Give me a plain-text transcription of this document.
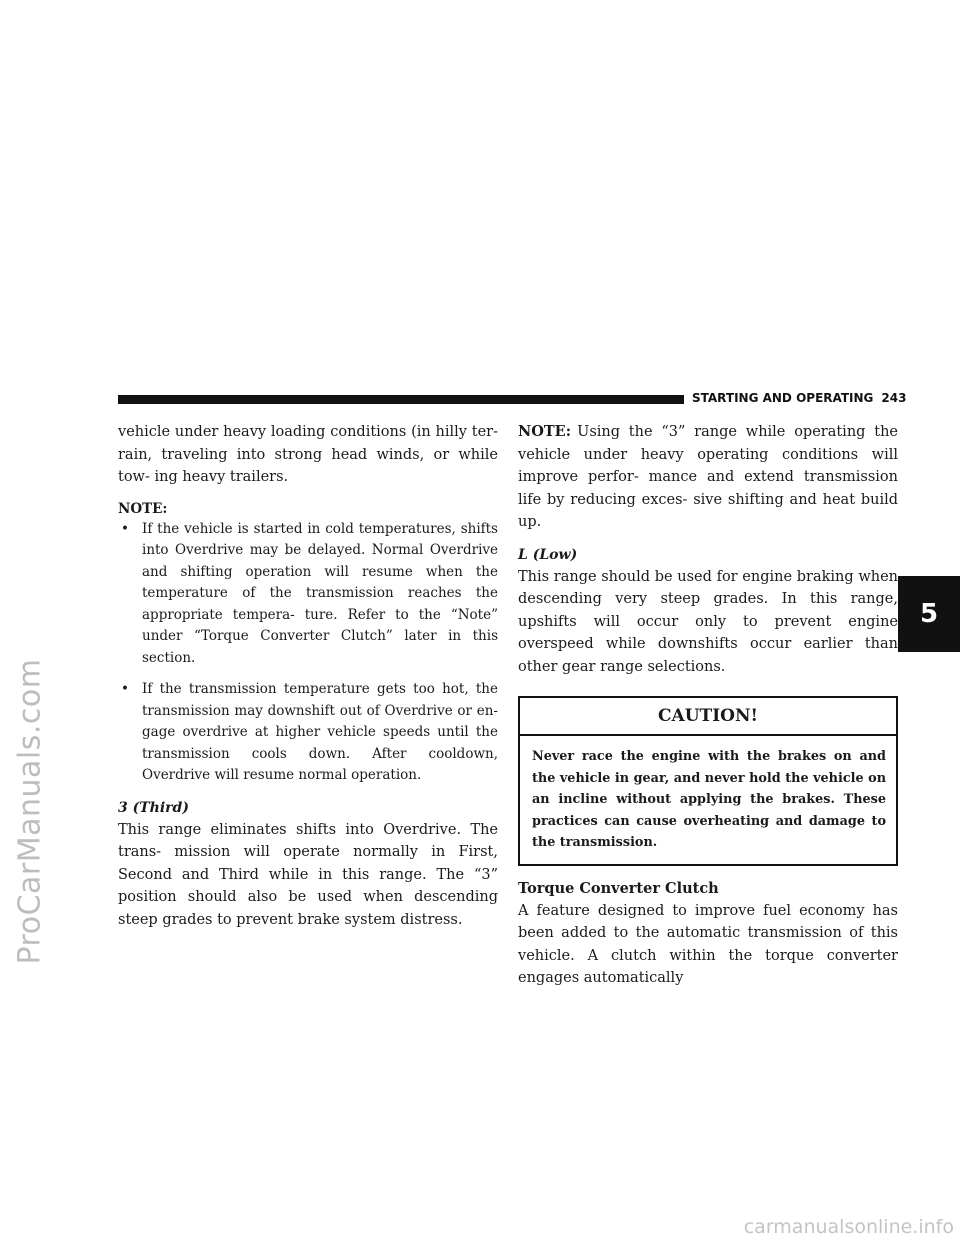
ProCarManuals.com
STARTING AND OPERATING 243
5

vehicle under heavy loading conditions (in hilly ter- rain, traveling into strong head winds, or while tow- ing heavy trailers.

NOTE:
• If the vehicle is started in cold temperatures, shifts into Overdrive may be delayed. Normal Overdrive and shifting operation will resume when the temperature of the transmission reaches the appropriate tempera- ture. Refer to the “Note” under “Torque Converter Clutch” later in this section.
• If the transmission temperature gets too hot, the transmission may downshift out of Overdrive or en- gage overdrive at higher vehicle speeds until the transmission cools down. After cooldown, Overdrive will resume normal operation.
3 (Third)

This range eliminates shifts into Overdrive. The trans- mission will operate normally in First, Second and Third while in this range. The “3” position should also be used when descending steep grades to prevent brake system distress.

NOTE: Using the “3” range while operating the vehicle under heavy operating conditions will improve perfor- mance and extend transmission life by reducing exces- sive shifting and heat build up.

L (Low)

This range should be used for engine braking when descending very steep grades. In this range, upshifts will occur only to prevent engine overspeed while downshifts occur earlier than other gear range selections.

CAUTION!
Never race the engine with the brakes on and the vehicle in gear, and never hold the vehicle on an incline without applying the brakes. These practices can cause overheating and damage to the transmission.
Torque Converter Clutch

A feature designed to improve fuel economy has been added to the automatic transmission of this vehicle. A clutch within the torque converter engages automatically

carmanualsonline.info
